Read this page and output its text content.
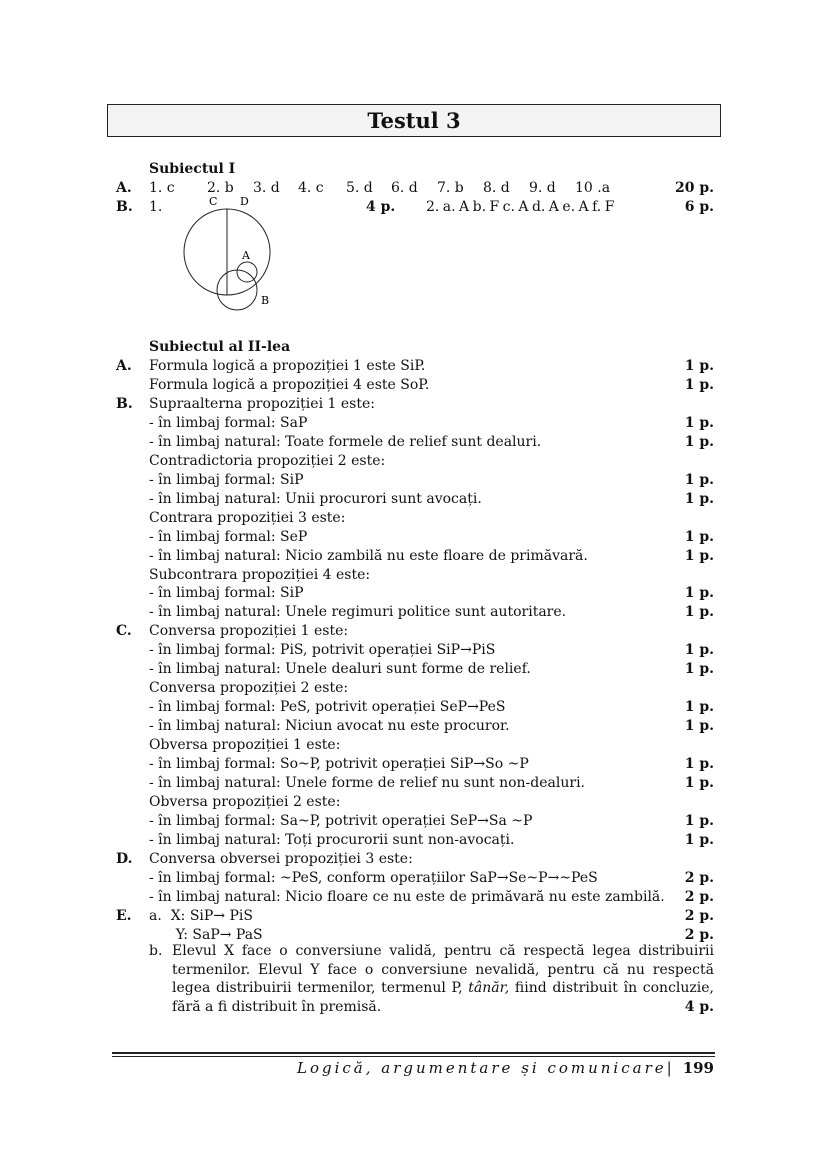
Testul 3
Subiectul I
A. 1. c 2. b 3. d 4. c 5. d 6. d 7. b 8. d 9. d 10 .a	20 p.
B. 1.	4 p. 2. a. A b. F c. A d. A e. A f. F	6 p.
C D
A
B
Subiectul al II-lea
A. Formula logică a propoziției 1 este SiP.	1 p.
Formula logică a propoziției 4 este SoP.	1 p.
B. Supraalterna propoziției 1 este:
- în limbaj formal: SaP	1 p.
- în limbaj natural: Toate formele de relief sunt dealuri.	1 p.
Contradictoria propoziției 2 este:
- în limbaj formal: SiP	1 p.
- în limbaj natural: Unii procurori sunt avocați.	1 p.
Contrara propoziției 3 este:
- în limbaj formal: SeP	1 p.
- în limbaj natural: Nicio zambilă nu este floare de primăvară.	1 p.
Subcontrara propoziției 4 este:
- în limbaj formal: SiP	1 p.
- în limbaj natural: Unele regimuri politice sunt autoritare.	1 p.
C. Conversa propoziției 1 este:
- în limbaj formal: PiS, potrivit operației SiP→PiS	1 p.
- în limbaj natural: Unele dealuri sunt forme de relief.	1 p.
Conversa propoziției 2 este:
- în limbaj formal: PeS, potrivit operației SeP→PeS	1 p.
- în limbaj natural: Niciun avocat nu este procuror.	1 p.
Obversa propoziției 1 este:
- în limbaj formal: So~P, potrivit operației SiP→So ~P	1 p.
- în limbaj natural: Unele forme de relief nu sunt non-dealuri.	1 p.
Obversa propoziției 2 este:
- în limbaj formal: Sa~P, potrivit operației SeP→Sa ~P	1 p.
- în limbaj natural: Toți procurorii sunt non-avocați.	1 p.
D. Conversa obversei propoziției 3 este:
- în limbaj formal: ~PeS, conform operațiilor SaP→Se~P→~PeS	2 p.
- în limbaj natural: Nicio floare ce nu este de primăvară nu este zambilă. 2 p.
E. a.  X: SiP→ PiS	2 p.
Y: SaP→ PaS	2 p.
b. Elevul X face o conversiune validă, pentru că respectă legea distribuirii termenilor. Elevul Y face o conversiune nevalidă, pentru că nu respectă legea distribuirii termenilor, termenul P, tânăr, fiind distribuit în concluzie, fără a fi distribuit în premisă.	4 p.
Logică, argumentare și comunicare| 199
